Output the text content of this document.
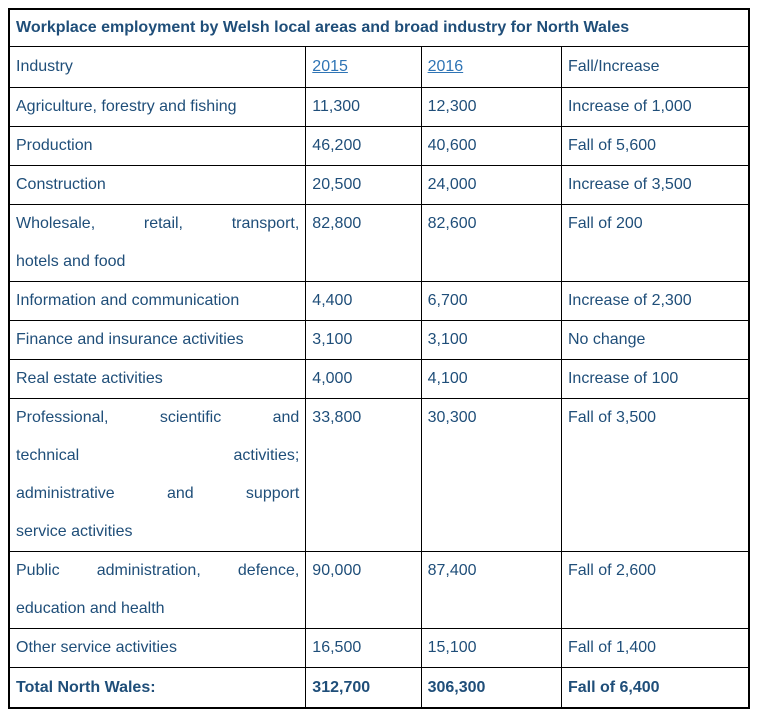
Workplace employment by Welsh local areas and broad industry for North Wales			
Industry	2015	2016	Fall/Increase

Agriculture, forestry and fishing	11,300	12,300	Increase of 1,000

Production	46,200	40,600	Fall of 5,600

Construction	20,500	24,000	Increase of 3,500

Wholesale, retail, transport,
hotels and food	82,800	82,600	Fall of 200

Information and communication	4,400	6,700	Increase of 2,300

Finance and insurance activities	3,100	3,100	No change

Real estate activities	4,000	4,100	Increase of 100

Professional, scientific and
technical activities;
administrative and support
service activities	33,800	30,300	Fall of 3,500

Public administration, defence,
education and health	90,000	87,400	Fall of 2,600

Other service activities	16,500	15,100	Fall of 1,400
Total North Wales:	312,700	306,300	Fall of 6,400
